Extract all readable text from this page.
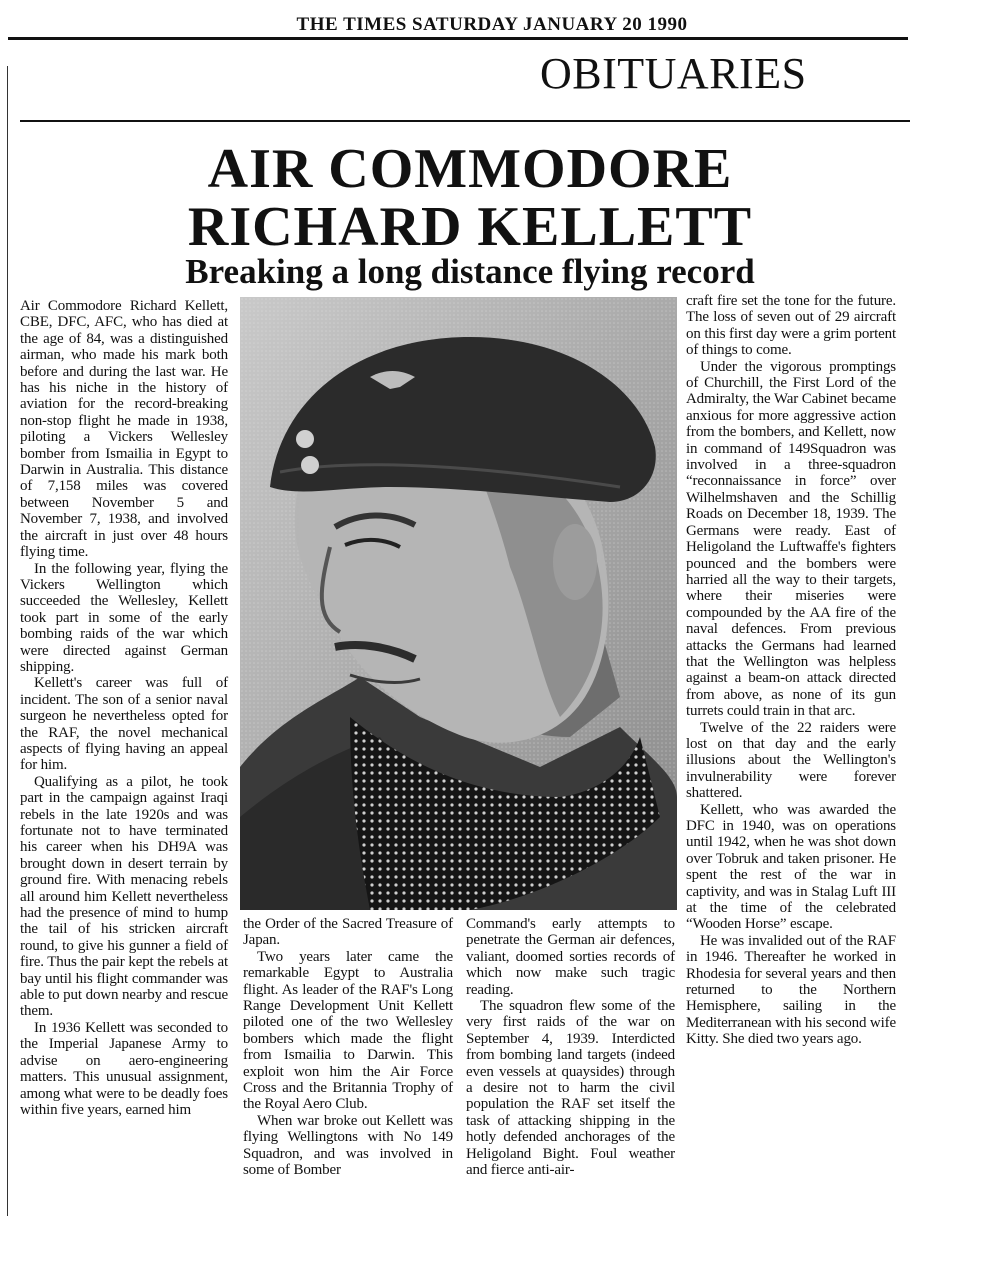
THE TIMES SATURDAY JANUARY 20 1990
OBITUARIES
AIR COMMODORE
RICHARD KELLETT
Breaking a long distance flying record

Air Commodore Richard Kellett, CBE, DFC, AFC, who has died at the age of 84, was a distinguished airman, who made his mark both before and during the last war. He has his niche in the history of aviation for the record-breaking non-stop flight he made in 1938, piloting a Vickers Wellesley bomber from Ismailia in Egypt to Darwin in Australia. This distance of 7,158 miles was covered between November 5 and November 7, 1938, and involved the aircraft in just over 48 hours flying time.

In the following year, flying the Vickers Wellington which succeeded the Wellesley, Kellett took part in some of the early bombing raids of the war which were directed against German shipping.

Kellett's career was full of incident. The son of a senior naval surgeon he nevertheless opted for the RAF, the novel mechanical aspects of flying having an appeal for him.

Qualifying as a pilot, he took part in the campaign against Iraqi rebels in the late 1920s and was fortunate not to have terminated his career when his DH9A was brought down in desert terrain by ground fire. With menacing rebels all around him Kellett nevertheless had the presence of mind to hump the tail of his stricken aircraft round, to give his gunner a field of fire. Thus the pair kept the rebels at bay until his flight commander was able to put down nearby and rescue them.

In 1936 Kellett was seconded to the Imperial Japanese Army to advise on aero-engineering matters. This unusual assignment, among what were to be deadly foes within five years, earned him

the Order of the Sacred Treasure of Japan.

Two years later came the remarkable Egypt to Australia flight. As leader of the RAF's Long Range Development Unit Kellett piloted one of the two Wellesley bombers which made the flight from Ismailia to Darwin. This exploit won him the Air Force Cross and the Britannia Trophy of the Royal Aero Club.

When war broke out Kellett was flying Wellingtons with No 149 Squadron, and was involved in some of Bomber

Command's early attempts to penetrate the German air defences, valiant, doomed sorties records of which now make such tragic reading.

The squadron flew some of the very first raids of the war on September 4, 1939. Interdicted from bombing land targets (indeed even vessels at quaysides) through a desire not to harm the civil population the RAF set itself the task of attacking shipping in the hotly defended anchorages of the Heligoland Bight. Foul weather and fierce anti-air-

craft fire set the tone for the future. The loss of seven out of 29 aircraft on this first day were a grim portent of things to come.

Under the vigorous promptings of Churchill, the First Lord of the Admiralty, the War Cabinet became anxious for more aggressive action from the bombers, and Kellett, now in command of 149Squadron was involved in a three-squadron “reconnaissance in force” over Wilhelmshaven and the Schillig Roads on December 18, 1939. The Germans were ready. East of Heligoland the Luftwaffe's fighters pounced and the bombers were harried all the way to their targets, where their miseries were compounded by the AA fire of the naval defences. From previous attacks the Germans had learned that the Wellington was helpless against a beam-on attack directed from above, as none of its gun turrets could train in that arc.

Twelve of the 22 raiders were lost on that day and the early illusions about the Wellington's invulnerability were forever shattered.

Kellett, who was awarded the DFC in 1940, was on operations until 1942, when he was shot down over Tobruk and taken prisoner. He spent the rest of the war in captivity, and was in Stalag Luft III at the time of the celebrated “Wooden Horse” escape.

He was invalided out of the RAF in 1946. Thereafter he worked in Rhodesia for several years and then returned to the Northern Hemisphere, sailing in the Mediterranean with his second wife Kitty. She died two years ago.
